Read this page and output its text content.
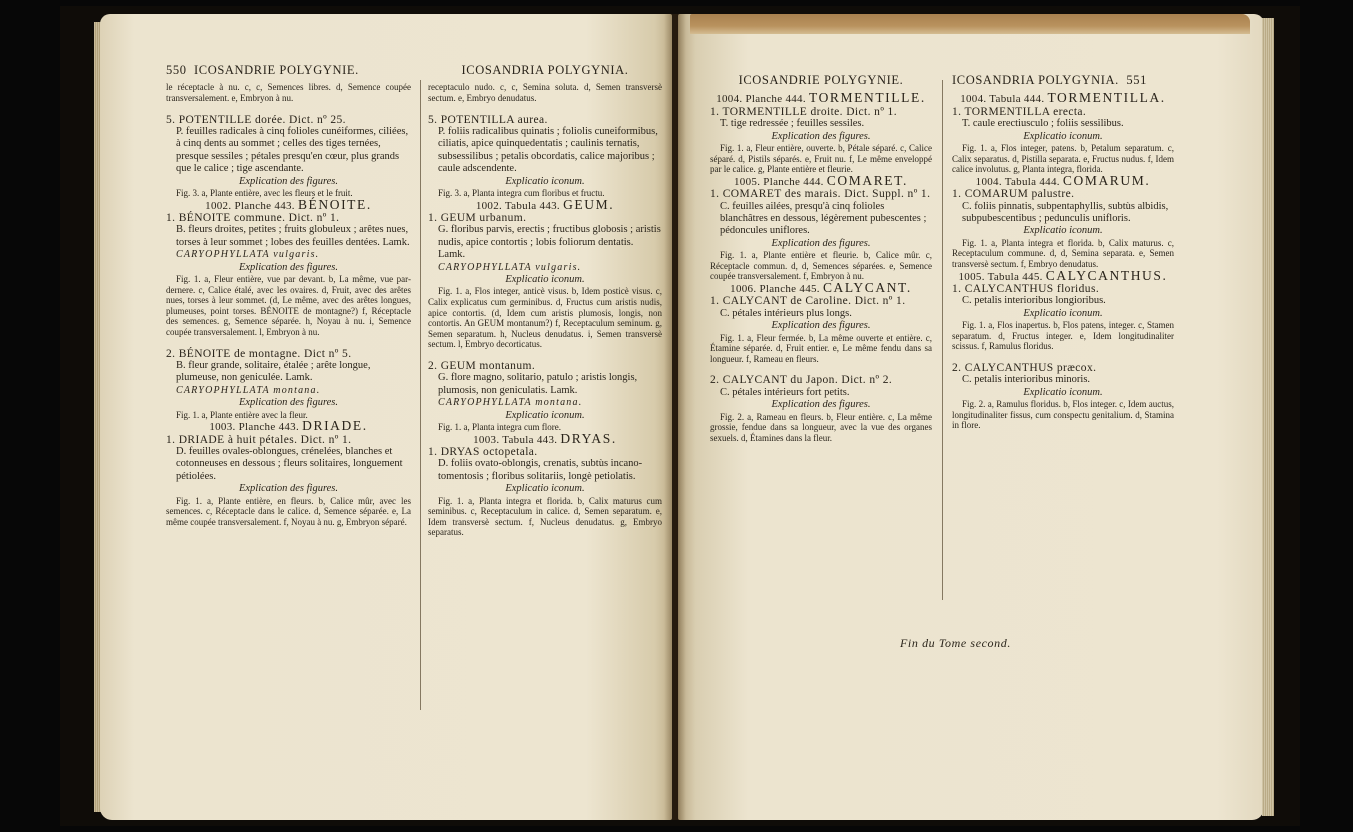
550 ICOSANDRIE POLYGYNIE.

le réceptacle à nu. c, c, Semences libres. d, Semence coupée transversalement. e, Embryon à nu.

5. POTENTILLE dorée. Dict. nº 25.

P. feuilles radicales à cinq folioles cunéiformes, ciliées, à cinq dents au sommet ; celles des tiges ternées, presque sessiles ; pétales presqu'en cœur, plus grands que le calice ; tige ascendante.

Explication des figures.

Fig. 3. a, Plante entière, avec les fleurs et le fruit.

1002. Planche 443. BÉNOITE.

1. BÉNOITE commune. Dict. nº 1.

B. fleurs droites, petites ; fruits globuleux ; arêtes nues, torses à leur sommet ; lobes des feuilles dentées. Lamk.

CARYOPHYLLATA vulgaris.

Explication des figures.

Fig. 1. a, Fleur entière, vue par devant. b, La même, vue par-dernere. c, Calice étalé, avec les ovaires. d, Fruit, avec des arêtes nues, torses à leur sommet. (d, Le même, avec des arêtes longues, plumeuses, point torses. BÉNOITE de montagne?) f, Réceptacle des semences. g, Semence séparée. h, Noyau à nu. i, Semence coupée transversalement. l, Embryon à nu.

2. BÉNOITE de montagne. Dict nº 5.

B. fleur grande, solitaire, étalée ; arête longue, plumeuse, non geniculée. Lamk.

CARYOPHYLLATA montana.

Explication des figures.

Fig. 1. a, Plante entière avec la fleur.

1003. Planche 443. DRIADE.

1. DRIADE à huit pétales. Dict. nº 1.

D. feuilles ovales-oblongues, crénelées, blanches et cotonneuses en dessous ; fleurs solitaires, longuement pétiolées.

Explication des figures.

Fig. 1. a, Plante entière, en fleurs. b, Calice mûr, avec les semences. c, Réceptacle dans le calice. d, Semence séparée. e, La même coupée transversalement. f, Noyau à nu. g, Embryon séparé.

ICOSANDRIA POLYGYNIA.

receptaculo nudo. c, c, Semina soluta. d, Semen transversè sectum. e, Embryo denudatus.

5. POTENTILLA aurea.

P. foliis radicalibus quinatis ; foliolis cuneiformibus, ciliatis, apice quinquedentatis ; caulinis ternatis, subsessilibus ; petalis obcordatis, calice majoribus ; caule adscendente.

Explicatio iconum.

Fig. 3. a, Planta integra cum floribus et fructu.

1002. Tabula 443. GEUM.

1. GEUM urbanum.

G. floribus parvis, erectis ; fructibus globosis ; aristis nudis, apice contortis ; lobis foliorum dentatis. Lamk.

CARYOPHYLLATA vulgaris.

Explicatio iconum.

Fig. 1. a, Flos integer, anticè visus. b, Idem posticè visus. c, Calix explicatus cum germinibus. d, Fructus cum aristis nudis, apice contortis. (d, Idem cum aristis plumosis, longis, non contortis. An GEUM montanum?) f, Receptaculum seminum. g, Semen separatum. h, Nucleus denudatus. i, Semen transversè sectum. l, Embryo decorticatus.

2. GEUM montanum.

G. flore magno, solitario, patulo ; aristis longis, plumosis, non geniculatis. Lamk.

CARYOPHYLLATA montana.

Explicatio iconum.

Fig. 1. a, Planta integra cum flore.

1003. Tabula 443. DRYAS.

1. DRYAS octopetala.

D. foliis ovato-oblongis, crenatis, subtùs incano-tomentosis ; floribus solitariis, longè petiolatis.

Explicatio iconum.

Fig. 1. a, Planta integra et florida. b, Calix maturus cum seminibus. c, Receptaculum in calice. d, Semen separatum. e, Idem transversè sectum. f, Nucleus denudatus. g, Embryo separatus.

ICOSANDRIE POLYGYNIE.

1004. Planche 444. TORMENTILLE.

1. TORMENTILLE droite. Dict. nº 1.

T. tige redressée ; feuilles sessiles.

Explication des figures.

Fig. 1. a, Fleur entière, ouverte. b, Pétale séparé. c, Calice séparé. d, Pistils séparés. e, Fruit nu. f, Le même enveloppé par le calice. g, Plante entière et fleurie.

1005. Planche 444. COMARET.

1. COMARET des marais. Dict. Suppl. nº 1.

C. feuilles ailées, presqu'à cinq folioles blanchâtres en dessous, légèrement pubescentes ; pédoncules uniflores.

Explication des figures.

Fig. 1. a, Plante entière et fleurie. b, Calice mûr. c, Réceptacle commun. d, d, Semences séparées. e, Semence coupée transversalement. f, Embryon à nu.

1006. Planche 445. CALYCANT.

1. CALYCANT de Caroline. Dict. nº 1.

C. pétales intérieurs plus longs.

Explication des figures.

Fig. 1. a, Fleur fermée. b, La même ouverte et entière. c, Étamine séparée. d, Fruit entier. e, Le même fendu dans sa longueur. f, Rameau en fleurs.

2. CALYCANT du Japon. Dict. nº 2.

C. pétales intérieurs fort petits.

Explication des figures.

Fig. 2. a, Rameau en fleurs. b, Fleur entière. c, La même grossie, fendue dans sa longueur, avec la vue des organes sexuels. d, Étamines dans la fleur.

ICOSANDRIA POLYGYNIA. 551

1004. Tabula 444. TORMENTILLA.

1. TORMENTILLA erecta.

T. caule erectiusculo ; foliis sessilibus.

Explicatio iconum.

Fig. 1. a, Flos integer, patens. b, Petalum separatum. c, Calix separatus. d, Pistilla separata. e, Fructus nudus. f, Idem calice involutus. g, Planta integra, florida.

1004. Tabula 444. COMARUM.

1. COMARUM palustre.

C. foliis pinnatis, subpentaphyllis, subtùs albidis, subpubescentibus ; pedunculis unifloris.

Explicatio iconum.

Fig. 1. a, Planta integra et florida. b, Calix maturus. c, Receptaculum commune. d, d, Semina separata. e, Semen transversè sectum. f, Embryo denudatus.

1005. Tabula 445. CALYCANTHUS.

1. CALYCANTHUS floridus.

C. petalis interioribus longioribus.

Explicatio iconum.

Fig. 1. a, Flos inapertus. b, Flos patens, integer. c, Stamen separatum. d, Fructus integer. e, Idem longitudinaliter scissus. f, Ramulus floridus.

2. CALYCANTHUS præcox.

C. petalis interioribus minoris.

Explicatio iconum.

Fig. 2. a, Ramulus floridus. b, Flos integer. c, Idem auctus, longitudinaliter fissus, cum conspectu genitalium. d, Stamina in flore.

Fin du Tome second.
